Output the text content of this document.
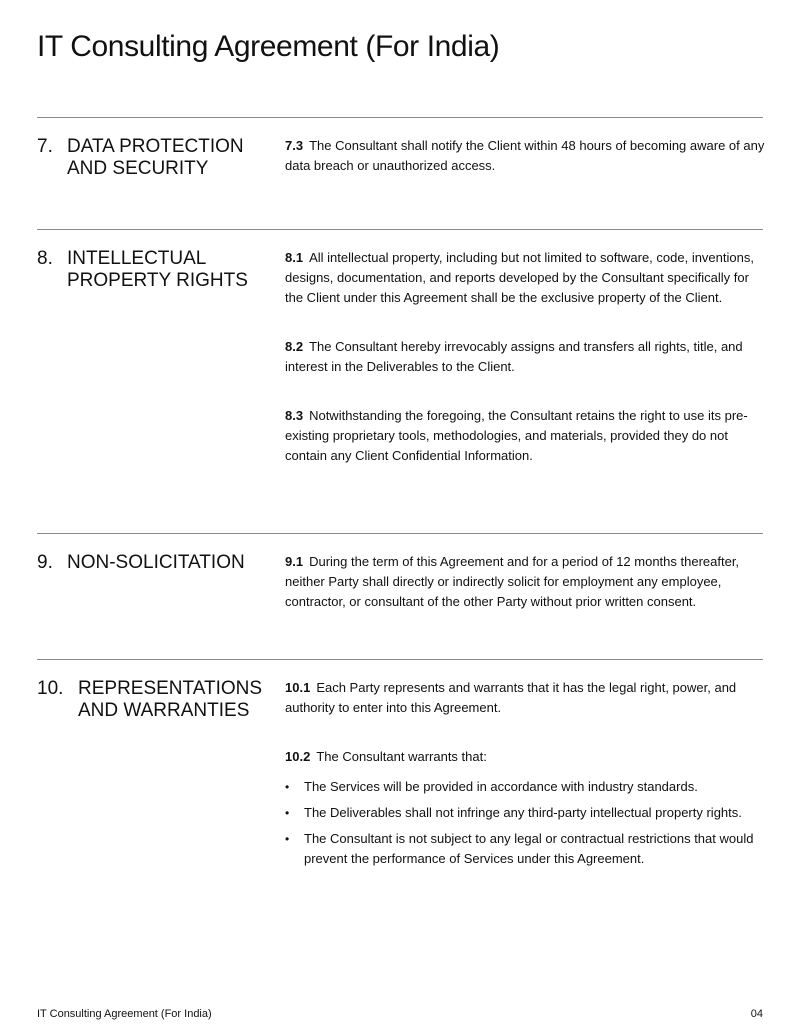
IT Consulting Agreement (For India)
7. DATA PROTECTION AND SECURITY

7.3 The Consultant shall notify the Client within 48 hours of becoming aware of any data breach or unauthorized access.

8. INTELLECTUAL PROPERTY RIGHTS

8.1 All intellectual property, including but not limited to software, code, inventions, designs, documentation, and reports developed by the Consultant specifically for the Client under this Agreement shall be the exclusive property of the Client.

8.2 The Consultant hereby irrevocably assigns and transfers all rights, title, and interest in the Deliverables to the Client.

8.3 Notwithstanding the foregoing, the Consultant retains the right to use its pre-existing proprietary tools, methodologies, and materials, provided they do not contain any Client Confidential Information.

9. NON-SOLICITATION	9.1 During the term of this Agreement and for a period of 12 months thereafter, neither Party shall directly or indirectly solicit for employment any employee, contractor, or consultant of the other Party without prior written consent.

10. REPRESENTATIONS AND WARRANTIES

10.1 Each Party represents and warrants that it has the legal right, power, and authority to enter into this Agreement.

10.2 The Consultant warrants that:

• The Services will be provided in accordance with industry standards.
• The Deliverables shall not infringe any third-party intellectual property rights.
• The Consultant is not subject to any legal or contractual restrictions that would prevent the performance of Services under this Agreement.
IT Consulting Agreement (For India)	04
